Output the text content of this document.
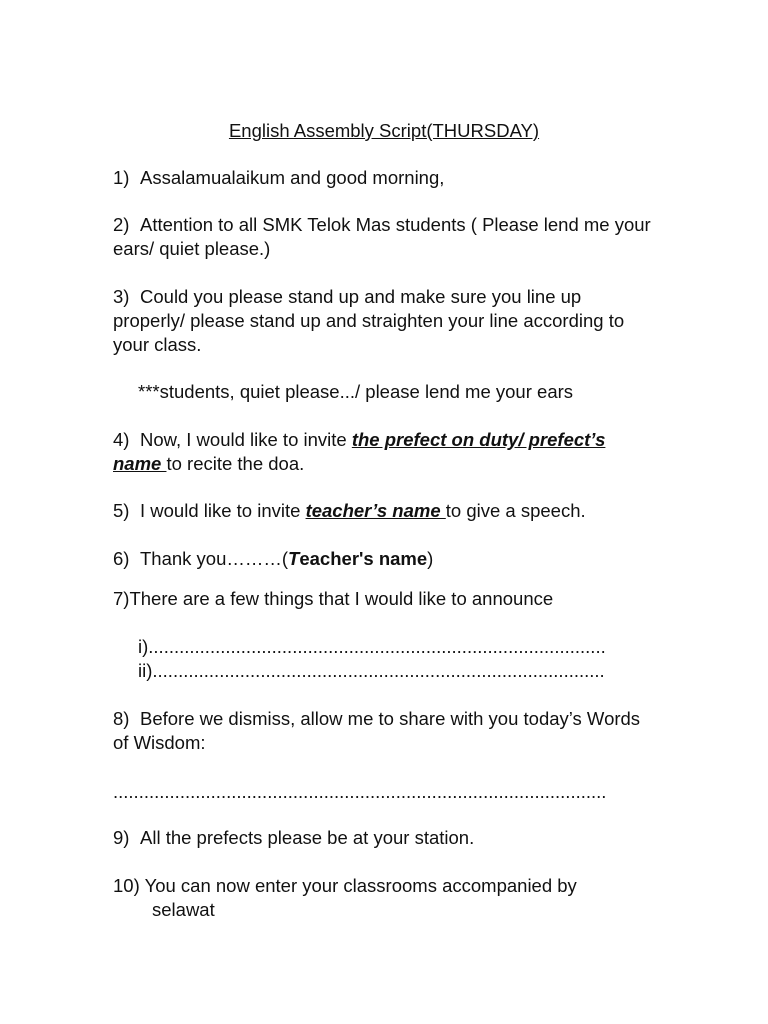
English Assembly Script(THURSDAY)

1) Assalamualaikum and good morning,

2) Attention to all SMK Telok Mas students ( Please lend me your ears/ quiet please.)

3) Could you please stand up and make sure you line up properly/ please stand up and straighten your line according to your class.

***students, quiet please.../ please lend me your ears

4) Now, I would like to invite the prefect on duty/ prefect’s name to recite the doa.

5) I would like to invite teacher’s name to give a speech.

6) Thank you………(Teacher's name)

7)There are a few things that I would like to announce

i).........................................................................................
ii)........................................................................................

8) Before we dismiss, allow me to share with you today’s Words of Wisdom:

................................................................................................

9) All the prefects please be at your station.

10) You can now enter your classrooms accompanied by

selawat
